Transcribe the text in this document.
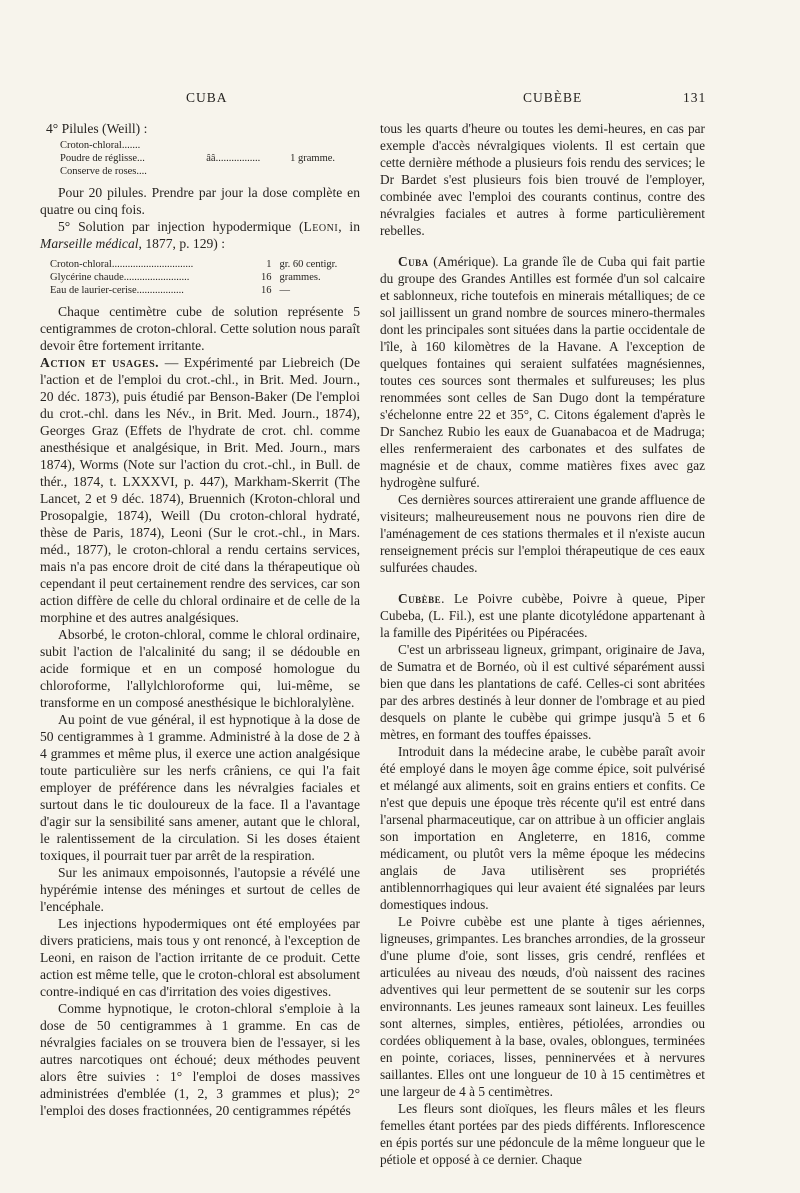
CUBA	CUBÈBE	131

4° Pilules (Weill) :

Croton-chloral.......		
Poudre de réglisse...	ââ.................	1 gramme.
Conserve de roses....		

Pour 20 pilules. Prendre par jour la dose complète en quatre ou cinq fois.

5° Solution par injection hypodermique (Leoni, in Marseille médical, 1877, p. 129) :

Croton-chloral...............................	1	gr. 60 centigr.
Glycérine chaude.........................	16	grammes.
Eau de laurier-cerise..................	16	—

Chaque centimètre cube de solution représente 5 centigrammes de croton-chloral. Cette solution nous paraît devoir être fortement irritante.

Action et usages. — Expérimenté par Liebreich (De l'action et de l'emploi du crot.-chl., in Brit. Med. Journ., 20 déc. 1873), puis étudié par Benson-Baker (De l'emploi du crot.-chl. dans les Név., in Brit. Med. Journ., 1874), Georges Graz (Effets de l'hydrate de crot. chl. comme anesthésique et analgésique, in Brit. Med. Journ., mars 1874), Worms (Note sur l'action du crot.-chl., in Bull. de thér., 1874, t. LXXXVI, p. 447), Markham-Skerrit (The Lancet, 2 et 9 déc. 1874), Bruennich (Kroton-chloral und Prosopalgie, 1874), Weill (Du croton-chloral hydraté, thèse de Paris, 1874), Leoni (Sur le crot.-chl., in Mars. méd., 1877), le croton-chloral a rendu certains services, mais n'a pas encore droit de cité dans la thérapeutique où cependant il peut certainement rendre des services, car son action diffère de celle du chloral ordinaire et de celle de la morphine et des autres analgésiques.

Absorbé, le croton-chloral, comme le chloral ordinaire, subit l'action de l'alcalinité du sang; il se dédouble en acide formique et en un composé homologue du chloroforme, l'allylchloroforme qui, lui-même, se transforme en un composé anesthésique le bichloralylène.

Au point de vue général, il est hypnotique à la dose de 50 centigrammes à 1 gramme. Administré à la dose de 2 à 4 grammes et même plus, il exerce une action analgésique toute particulière sur les nerfs crâniens, ce qui l'a fait employer de préférence dans les névralgies faciales et surtout dans le tic douloureux de la face. Il a l'avantage d'agir sur la sensibilité sans amener, autant que le chloral, le ralentissement de la circulation. Si les doses étaient toxiques, il pourrait tuer par arrêt de la respiration.

Sur les animaux empoisonnés, l'autopsie a révélé une hypérémie intense des méninges et surtout de celles de l'encéphale.

Les injections hypodermiques ont été employées par divers praticiens, mais tous y ont renoncé, à l'exception de Leoni, en raison de l'action irritante de ce produit. Cette action est même telle, que le croton-chloral est absolument contre-indiqué en cas d'irritation des voies digestives.

Comme hypnotique, le croton-chloral s'emploie à la dose de 50 centigrammes à 1 gramme. En cas de névralgies faciales on se trouvera bien de l'essayer, si les autres narcotiques ont échoué; deux méthodes peuvent alors être suivies : 1° l'emploi de doses massives administrées d'emblée (1, 2, 3 grammes et plus); 2° l'emploi des doses fractionnées, 20 centigrammes répétés

tous les quarts d'heure ou toutes les demi-heures, en cas par exemple d'accès névralgiques violents. Il est certain que cette dernière méthode a plusieurs fois rendu des services; le Dr Bardet s'est plusieurs fois bien trouvé de l'employer, combinée avec l'emploi des courants continus, contre des névralgies faciales et autres à forme particulièrement rebelles.

Cuba (Amérique). La grande île de Cuba qui fait partie du groupe des Grandes Antilles est formée d'un sol calcaire et sablonneux, riche toutefois en minerais métalliques; de ce sol jaillissent un grand nombre de sources minero-thermales dont les principales sont situées dans la partie occidentale de l'île, à 160 kilomètres de la Havane. A l'exception de quelques fontaines qui seraient sulfatées magnésiennes, toutes ces sources sont thermales et sulfureuses; les plus renommées sont celles de San Dugo dont la température s'échelonne entre 22 et 35°, C. Citons également d'après le Dr Sanchez Rubio les eaux de Guanabacoa et de Madruga; elles renfermeraient des carbonates et des sulfates de magnésie et de chaux, comme matières fixes avec gaz hydrogène sulfuré.

Ces dernières sources attireraient une grande affluence de visiteurs; malheureusement nous ne pouvons rien dire de l'aménagement de ces stations thermales et il n'existe aucun renseignement précis sur l'emploi thérapeutique de ces eaux sulfurées chaudes.

Cubèbe. Le Poivre cubèbe, Poivre à queue, Piper Cubeba, (L. Fil.), est une plante dicotylédone appartenant à la famille des Pipéritées ou Pipéracées.

C'est un arbrisseau ligneux, grimpant, originaire de Java, de Sumatra et de Bornéo, où il est cultivé séparément aussi bien que dans les plantations de café. Celles-ci sont abritées par des arbres destinés à leur donner de l'ombrage et au pied desquels on plante le cubèbe qui grimpe jusqu'à 5 et 6 mètres, en formant des touffes épaisses.

Introduit dans la médecine arabe, le cubèbe paraît avoir été employé dans le moyen âge comme épice, soit pulvérisé et mélangé aux aliments, soit en grains entiers et confits. Ce n'est que depuis une époque très récente qu'il est entré dans l'arsenal pharmaceutique, car on attribue à un officier anglais son importation en Angleterre, en 1816, comme médicament, ou plutôt vers la même époque les médecins anglais de Java utilisèrent ses propriétés antiblennorrhagiques qui leur avaient été signalées par leurs domestiques indous.

Le Poivre cubèbe est une plante à tiges aériennes, ligneuses, grimpantes. Les branches arrondies, de la grosseur d'une plume d'oie, sont lisses, gris cendré, renflées et articulées au niveau des nœuds, d'où naissent des racines adventives qui leur permettent de se soutenir sur les corps environnants. Les jeunes rameaux sont laineux. Les feuilles sont alternes, simples, entières, pétiolées, arrondies ou cordées obliquement à la base, ovales, oblongues, terminées en pointe, coriaces, lisses, penninervées et à nervures saillantes. Elles ont une longueur de 10 à 15 centimètres et une largeur de 4 à 5 centimètres.

Les fleurs sont dioïques, les fleurs mâles et les fleurs femelles étant portées par des pieds différents. Inflorescence en épis portés sur une pédoncule de la même longueur que le pétiole et opposé à ce dernier. Chaque
